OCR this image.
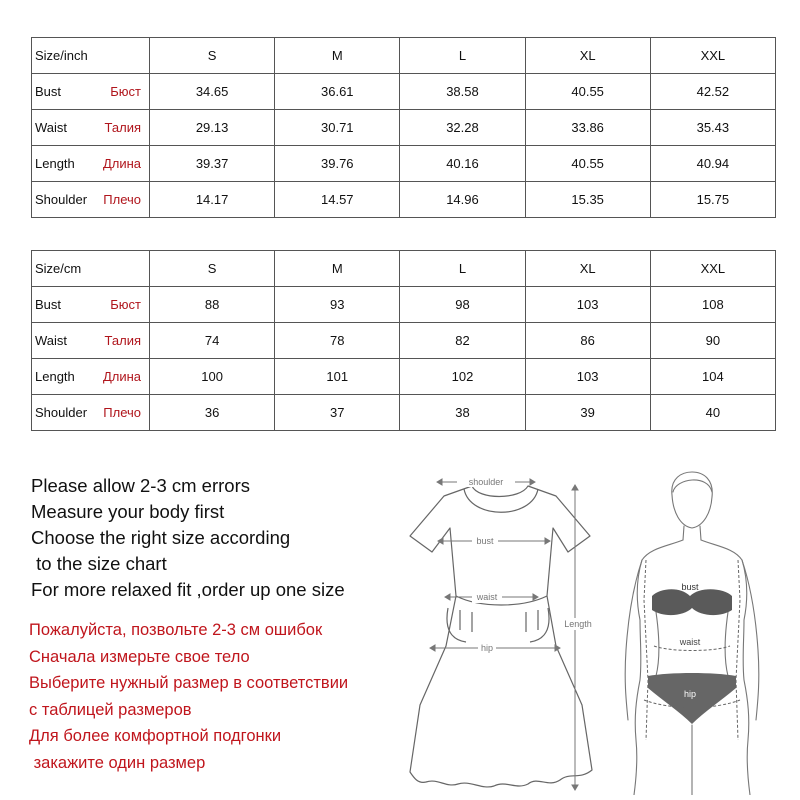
Size/inch	S	M	L	XL	XXL
Bust Бюст	34.65	36.61	38.58	40.55	42.52
Waist Талия	29.13	30.71	32.28	33.86	35.43
Length Длина	39.37	39.76	40.16	40.55	40.94
Shoulder Плечо	14.17	14.57	14.96	15.35	15.75
Size/cm	S	M	L	XL	XXL
Bust Бюст	88	93	98	103	108
Waist Талия	74	78	82	86	90
Length Длина	100	101	102	103	104
Shoulder Плечо	36	37	38	39	40
Please allow 2-3 cm errors
Measure your body first
Choose the right size according
to the size chart
For more relaxed fit ,order up one size
Пожалуйста, позвольте 2-3 см ошибок
Сначала измерьте свое тело
Выберите нужный размер в соответствии
с таблицей размеров
Для более комфортной подгонки
закажите один размер
shoulder
bust
waist
hip
Length
bust
waist
hip
